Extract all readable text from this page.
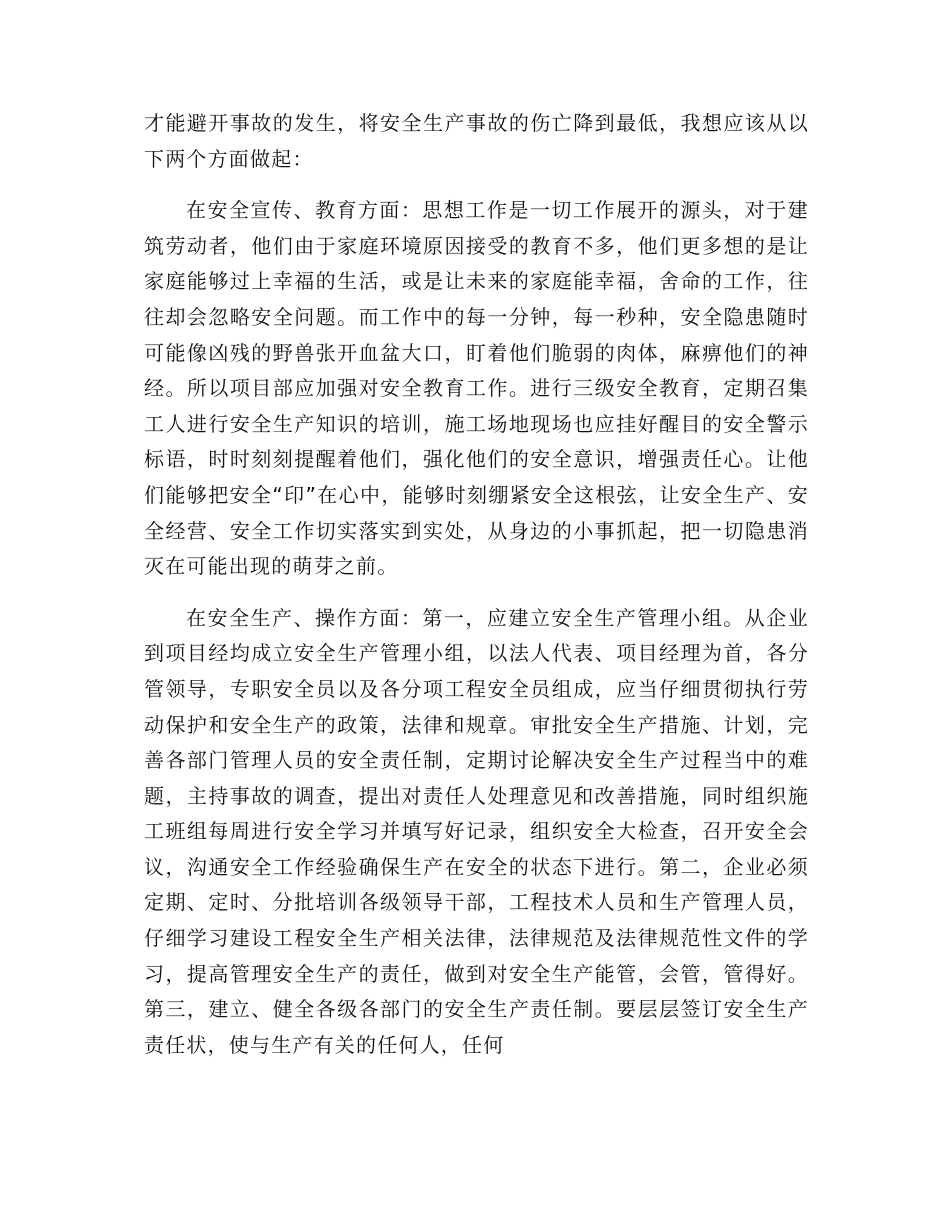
才能避开事故的发生，将安全生产事故的伤亡降到最低，我想应该从以下两个方面做起：

在安全宣传、教育方面：思想工作是一切工作展开的源头，对于建筑劳动者，他们由于家庭环境原因接受的教育不多，他们更多想的是让家庭能够过上幸福的生活，或是让未来的家庭能幸福，舍命的工作，往往却会忽略安全问题。而工作中的每一分钟，每一秒种，安全隐患随时可能像凶残的野兽张开血盆大口，盯着他们脆弱的肉体，麻痹他们的神经。所以项目部应加强对安全教育工作。进行三级安全教育，定期召集工人进行安全生产知识的培训，施工场地现场也应挂好醒目的安全警示标语，时时刻刻提醒着他们，强化他们的安全意识，增强责任心。让他们能够把安全“印”在心中，能够时刻绷紧安全这根弦，让安全生产、安全经营、安全工作切实落实到实处，从身边的小事抓起，把一切隐患消灭在可能出现的萌芽之前。

在安全生产、操作方面：第一，应建立安全生产管理小组。从企业到项目经均成立安全生产管理小组，以法人代表、项目经理为首，各分管领导，专职安全员以及各分项工程安全员组成，应当仔细贯彻执行劳动保护和安全生产的政策，法律和规章。审批安全生产措施、计划，完善各部门管理人员的安全责任制，定期讨论解决安全生产过程当中的难题，主持事故的调查，提出对责任人处理意见和改善措施，同时组织施工班组每周进行安全学习并填写好记录，组织安全大检查，召开安全会议，沟通安全工作经验确保生产在安全的状态下进行。第二，企业必须定期、定时、分批培训各级领导干部，工程技术人员和生产管理人员，仔细学习建设工程安全生产相关法律，法律规范及法律规范性文件的学习，提高管理安全生产的责任，做到对安全生产能管，会管，管得好。第三，建立、健全各级各部门的安全生产责任制。要层层签订安全生产责任状，使与生产有关的任何人，任何
